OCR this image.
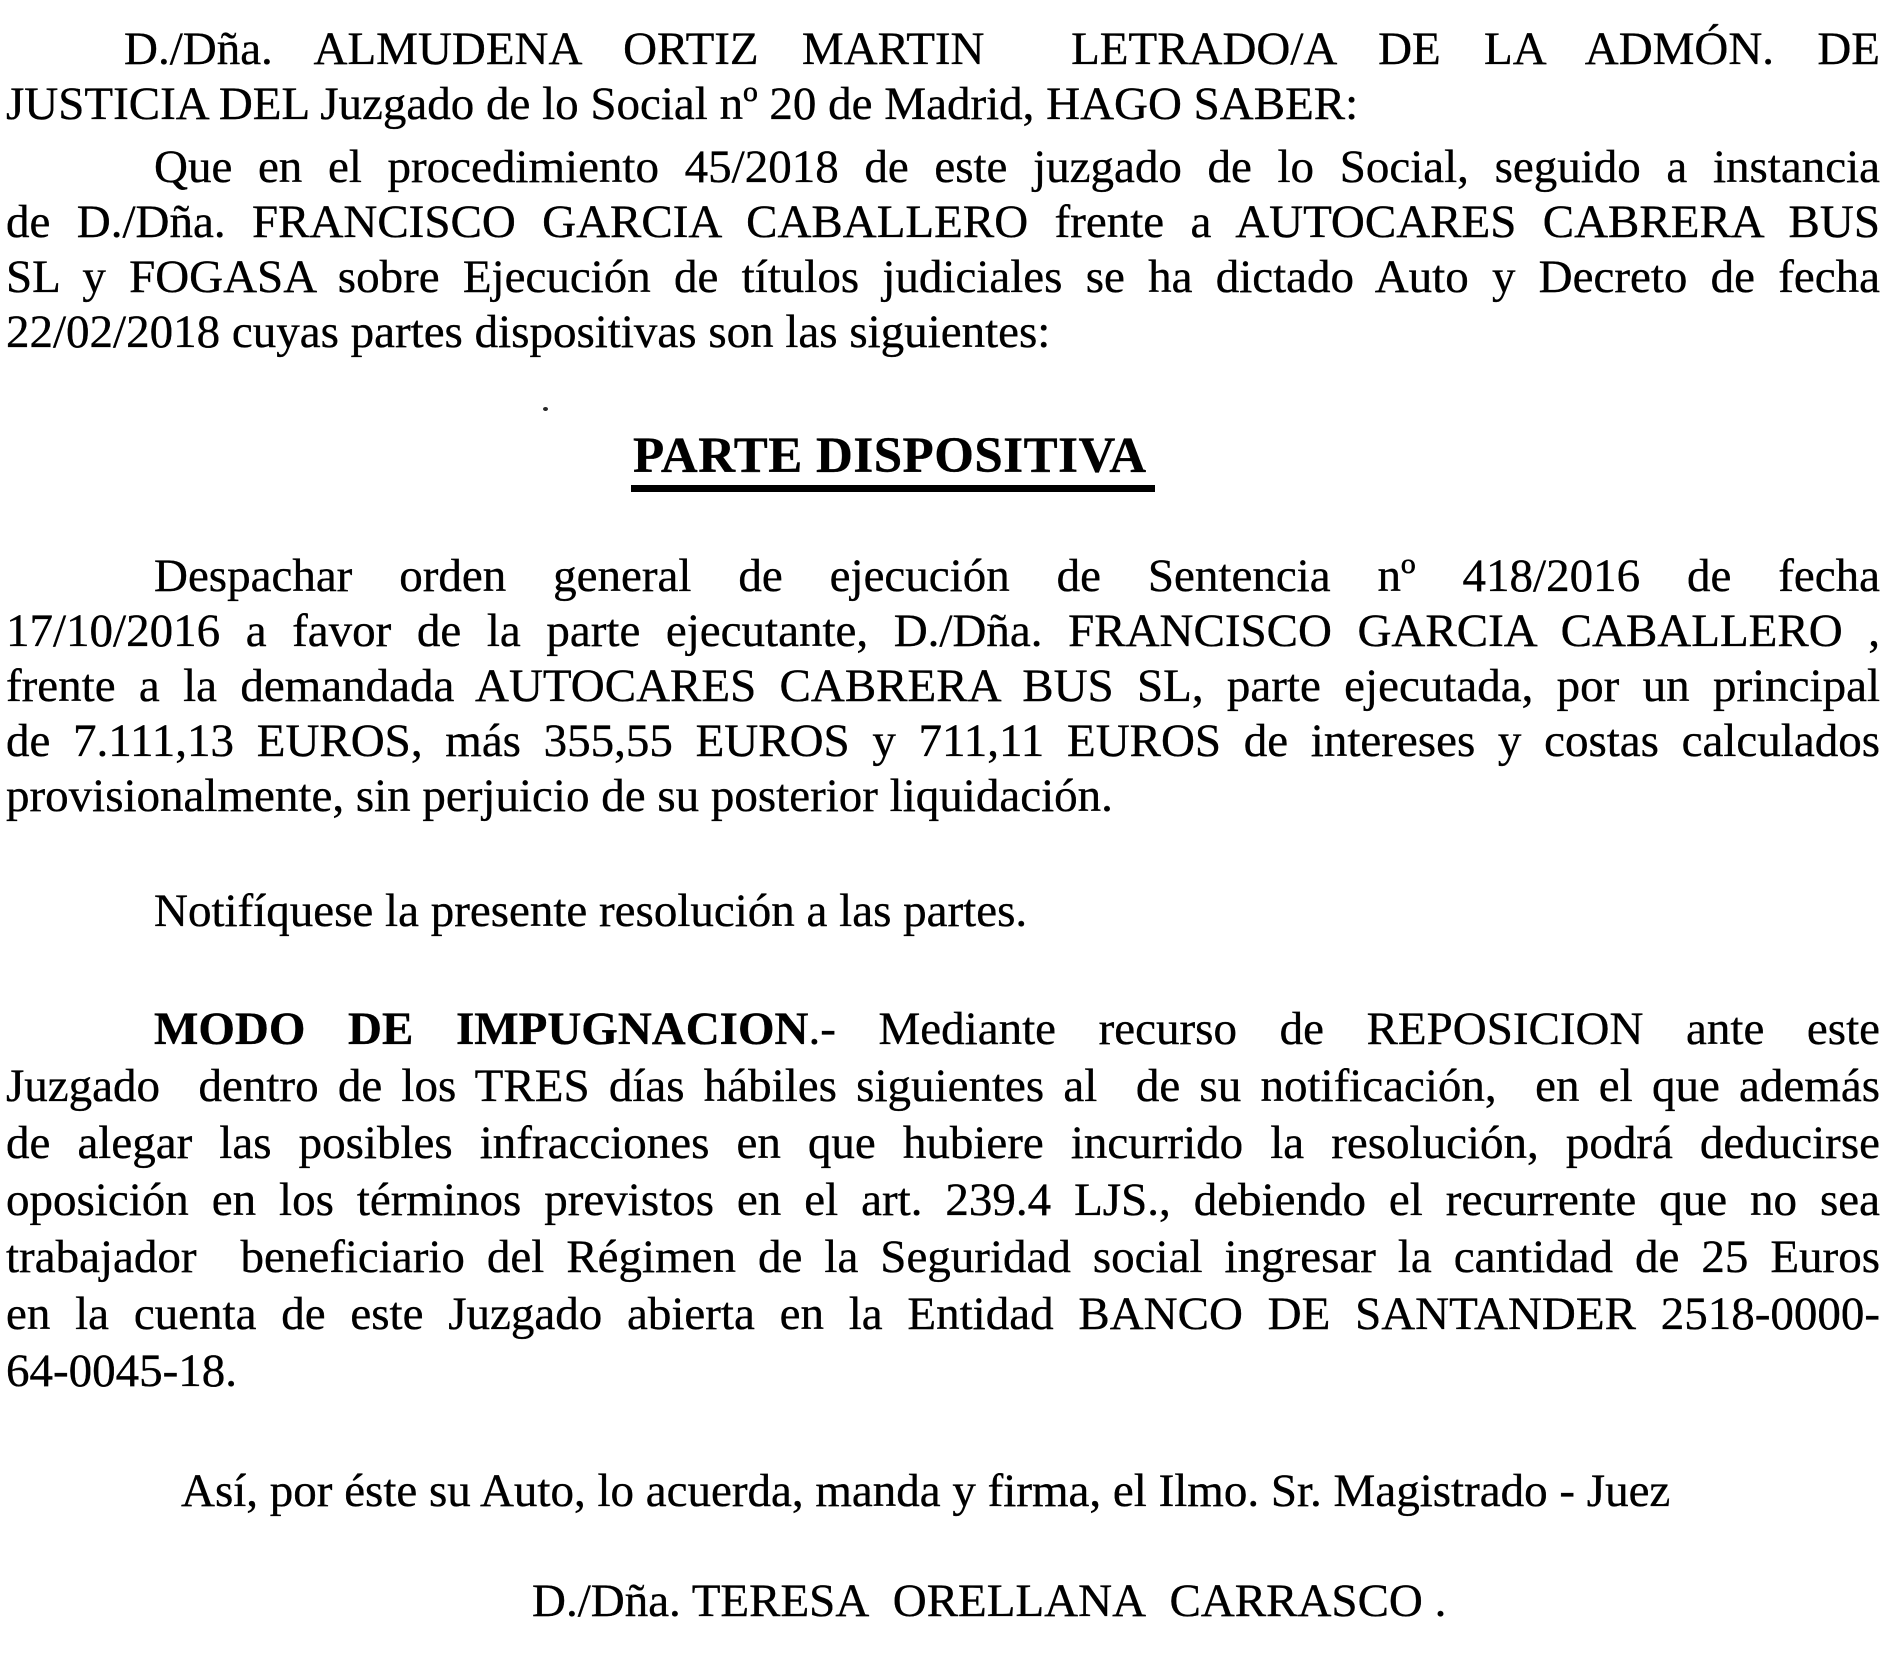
D./Dña. ALMUDENA ORTIZ MARTIN  LETRADO/A DE LA ADMÓN. DE
JUSTICIA DEL Juzgado de lo Social nº 20 de Madrid, HAGO SABER:
Que en el procedimiento 45/2018 de este juzgado de lo Social, seguido a instancia
de D./Dña. FRANCISCO GARCIA CABALLERO frente a AUTOCARES CABRERA BUS
SL y FOGASA sobre Ejecución de títulos judiciales se ha dictado Auto y Decreto de fecha
22/02/2018 cuyas partes dispositivas son las siguientes:
PARTE DISPOSITIVA
Despachar orden general de ejecución de Sentencia nº 418/2016 de fecha
17/10/2016 a favor de la parte ejecutante, D./Dña. FRANCISCO GARCIA CABALLERO ,
frente a la demandada AUTOCARES CABRERA BUS SL, parte ejecutada, por un principal
de 7.111,13 EUROS, más 355,55 EUROS y 711,11 EUROS de intereses y costas calculados
provisionalmente, sin perjuicio de su posterior liquidación.
Notifíquese la presente resolución a las partes.
MODO DE IMPUGNACION.- Mediante recurso de REPOSICION ante este
Juzgado  dentro de los TRES días hábiles siguientes al  de su notificación,  en el que además
de alegar las posibles infracciones en que hubiere incurrido la resolución, podrá deducirse
oposición en los términos previstos en el art. 239.4 LJS., debiendo el recurrente que no sea
trabajador  beneficiario del Régimen de la Seguridad social ingresar la cantidad de 25 Euros
en la cuenta de este Juzgado abierta en la Entidad BANCO DE SANTANDER 2518-0000-
64-0045-18.
Así, por éste su Auto, lo acuerda, manda y firma, el Ilmo. Sr. Magistrado - Juez
D./Dña. TERESA  ORELLANA  CARRASCO .
